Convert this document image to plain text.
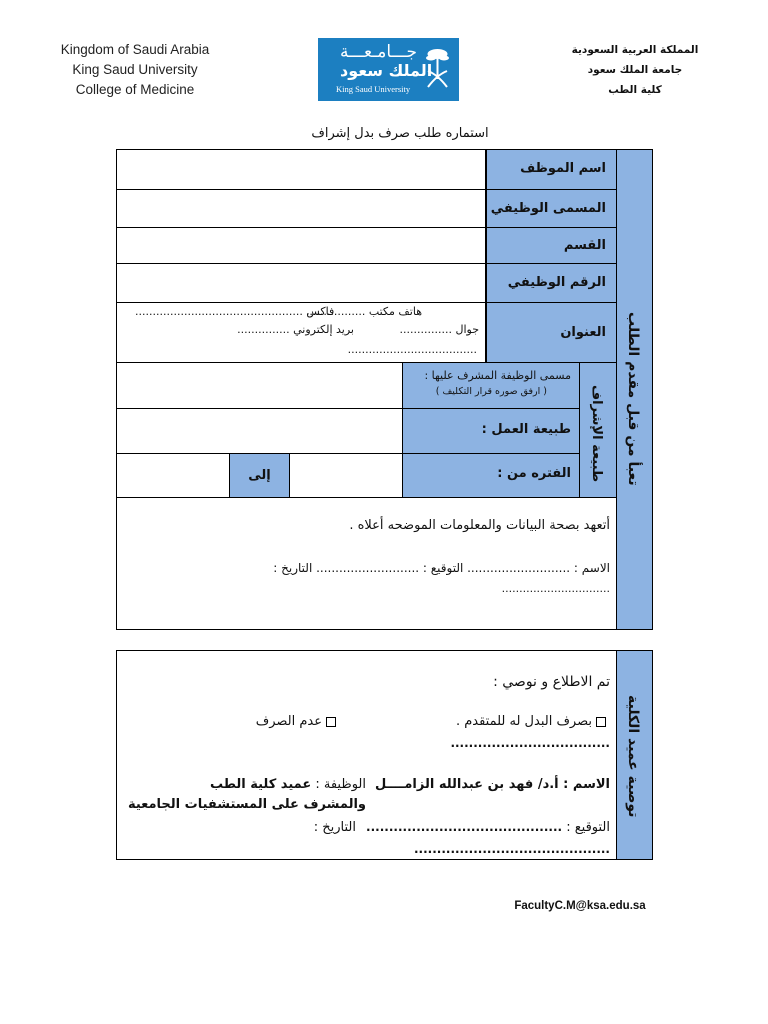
Kingdom of Saudi Arabia
King Saud University
College of Medicine
جـــامـعـــة
الملك سعود
King Saud University
المملكة العربية السعودية
جامعة الملك سعود
كلية الطب
استماره طلب صرف بدل إشراف
تعبأ من قبل مقدم الطلب
اسم الموظف
المسمى الوظيفي
القسم
الرقم الوظيفي
هاتف مكتب .................
فاكس ................................................
جوال ...............
بريد إلكتروني ...............
.....................................
العنوان
طبيعة الإشراف
مسمى الوظيفة المشرف عليها :
( ارفق صوره قرار التكليف )
طبيعة العمل :
إلى	الفتره من :
أتعهد بصحة البيانات والمعلومات الموضحه أعلاه .
الاسم : ........................... التوقيع : ........................... التاريخ :
...............................
توصية عميد الكلية
تم الاطلاع و نوصي :
بصرف البدل له للمتقدم .
عدم الصرف
...................................
الاسم : أ.د/ فهد بن عبدالله الزامــــل
الوظيفة : عميد كلية الطب
والمشرف على المستشفيات الجامعية
التوقيع : ...........................................
التاريخ :
...........................................
FacultyC.M@ksa.edu.sa
